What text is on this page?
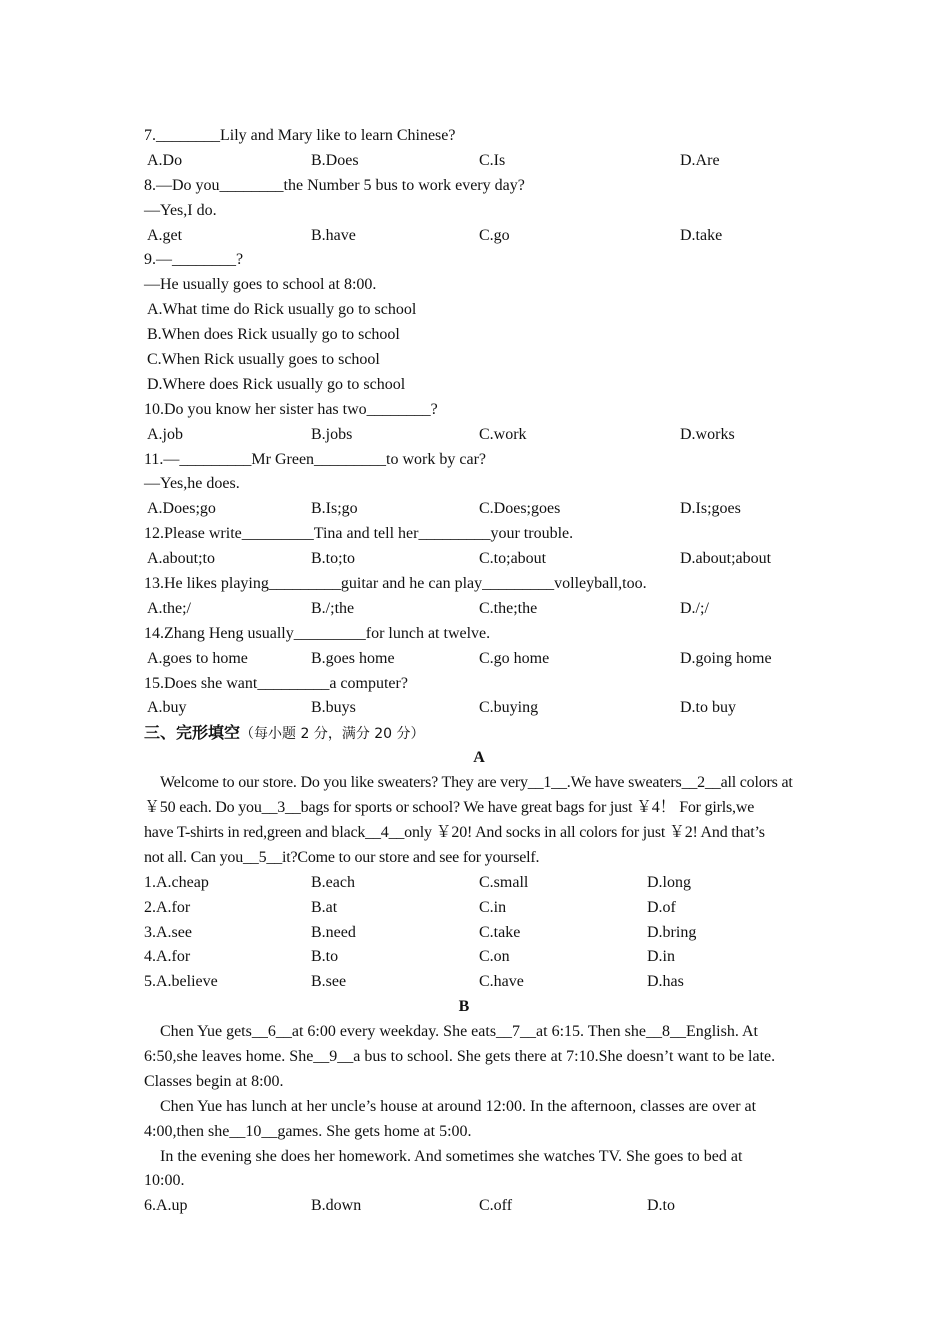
7.________Lily and Mary like to learn Chinese?
A.Do	B.Does	C.Is	D.Are
8.—Do you________the Number 5 bus to work every day?
—Yes,I do.
A.get	B.have	C.go	D.take
9.—________?
—He usually goes to school at 8:00.
A.What time do Rick usually go to school
B.When does Rick usually go to school
C.When Rick usually goes to school
D.Where does Rick usually go to school
10.Do you know her sister has two________?
A.job	B.jobs	C.work	D.works
11.—_________Mr Green_________to work by car?
—Yes,he does.
A.Does;go	B.Is;go	C.Does;goes	D.Is;goes
12.Please write_________Tina and tell her_________your trouble.
A.about;to	B.to;to	C.to;about	D.about;about
13.He likes playing_________guitar and he can play_________volleyball,too.
A.the;/	B./;the	C.the;the	D./;/
14.Zhang Heng usually_________for lunch at twelve.
A.goes to home	B.goes home	C.go home	D.going home
15.Does she want_________a computer?
A.buy	B.buys	C.buying	D.to buy
三、完形填空（每小题 2 分，满分 20 分）
A
Welcome to our store. Do you like sweaters? They are very__1__.We have sweaters__2__all colors at
￥50 each. Do you__3__bags for sports or school? We have great bags for just ￥4！ For girls,we
have T-shirts in red,green and black__4__only ￥20! And socks in all colors for just ￥2! And that’s
not all. Can you__5__it?Come to our store and see for yourself.
1.A.cheap	B.each	C.small	D.long
2.A.for	B.at	C.in	D.of
3.A.see	B.need	C.take	D.bring
4.A.for	B.to	C.on	D.in
5.A.believe	B.see	C.have	D.has
B
Chen Yue gets__6__at 6:00 every weekday. She eats__7__at 6:15. Then she__8__English. At
6:50,she leaves home. She__9__a bus to school. She gets there at 7:10.She doesn’t want to be late.
Classes begin at 8:00.
Chen Yue has lunch at her uncle’s house at around 12:00. In the afternoon, classes are over at
4:00,then she__10__games. She gets home at 5:00.
In the evening she does her homework. And sometimes she watches TV. She goes to bed at
10:00.
6.A.up	B.down	C.off	D.to
